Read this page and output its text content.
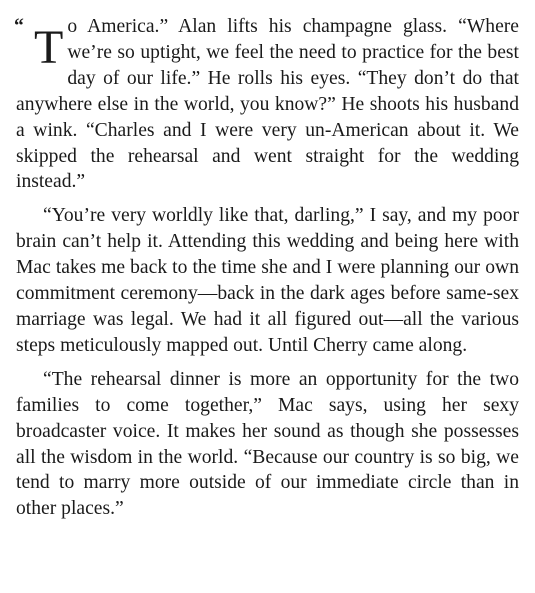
“ T o America.” Alan lifts his champagne glass. “Where we’re so uptight, we feel the need to practice for the best day of our life.” He rolls his eyes. “They don’t do that anywhere else in the world, you know?” He shoots his husband a wink. “Charles and I were very un-American about it. We skipped the rehearsal and went straight for the wedding instead.”

“You’re very worldly like that, darling,” I say, and my poor brain can’t help it. Attending this wedding and being here with Mac takes me back to the time she and I were planning our own commitment ceremony—back in the dark ages before same-sex marriage was legal. We had it all figured out—all the various steps meticulously mapped out. Until Cherry came along.

“The rehearsal dinner is more an opportunity for the two families to come together,” Mac says, using her sexy broadcaster voice. It makes her sound as though she possesses all the wisdom in the world. “Because our country is so big, we tend to marry more outside of our immediate circle than in other places.”
